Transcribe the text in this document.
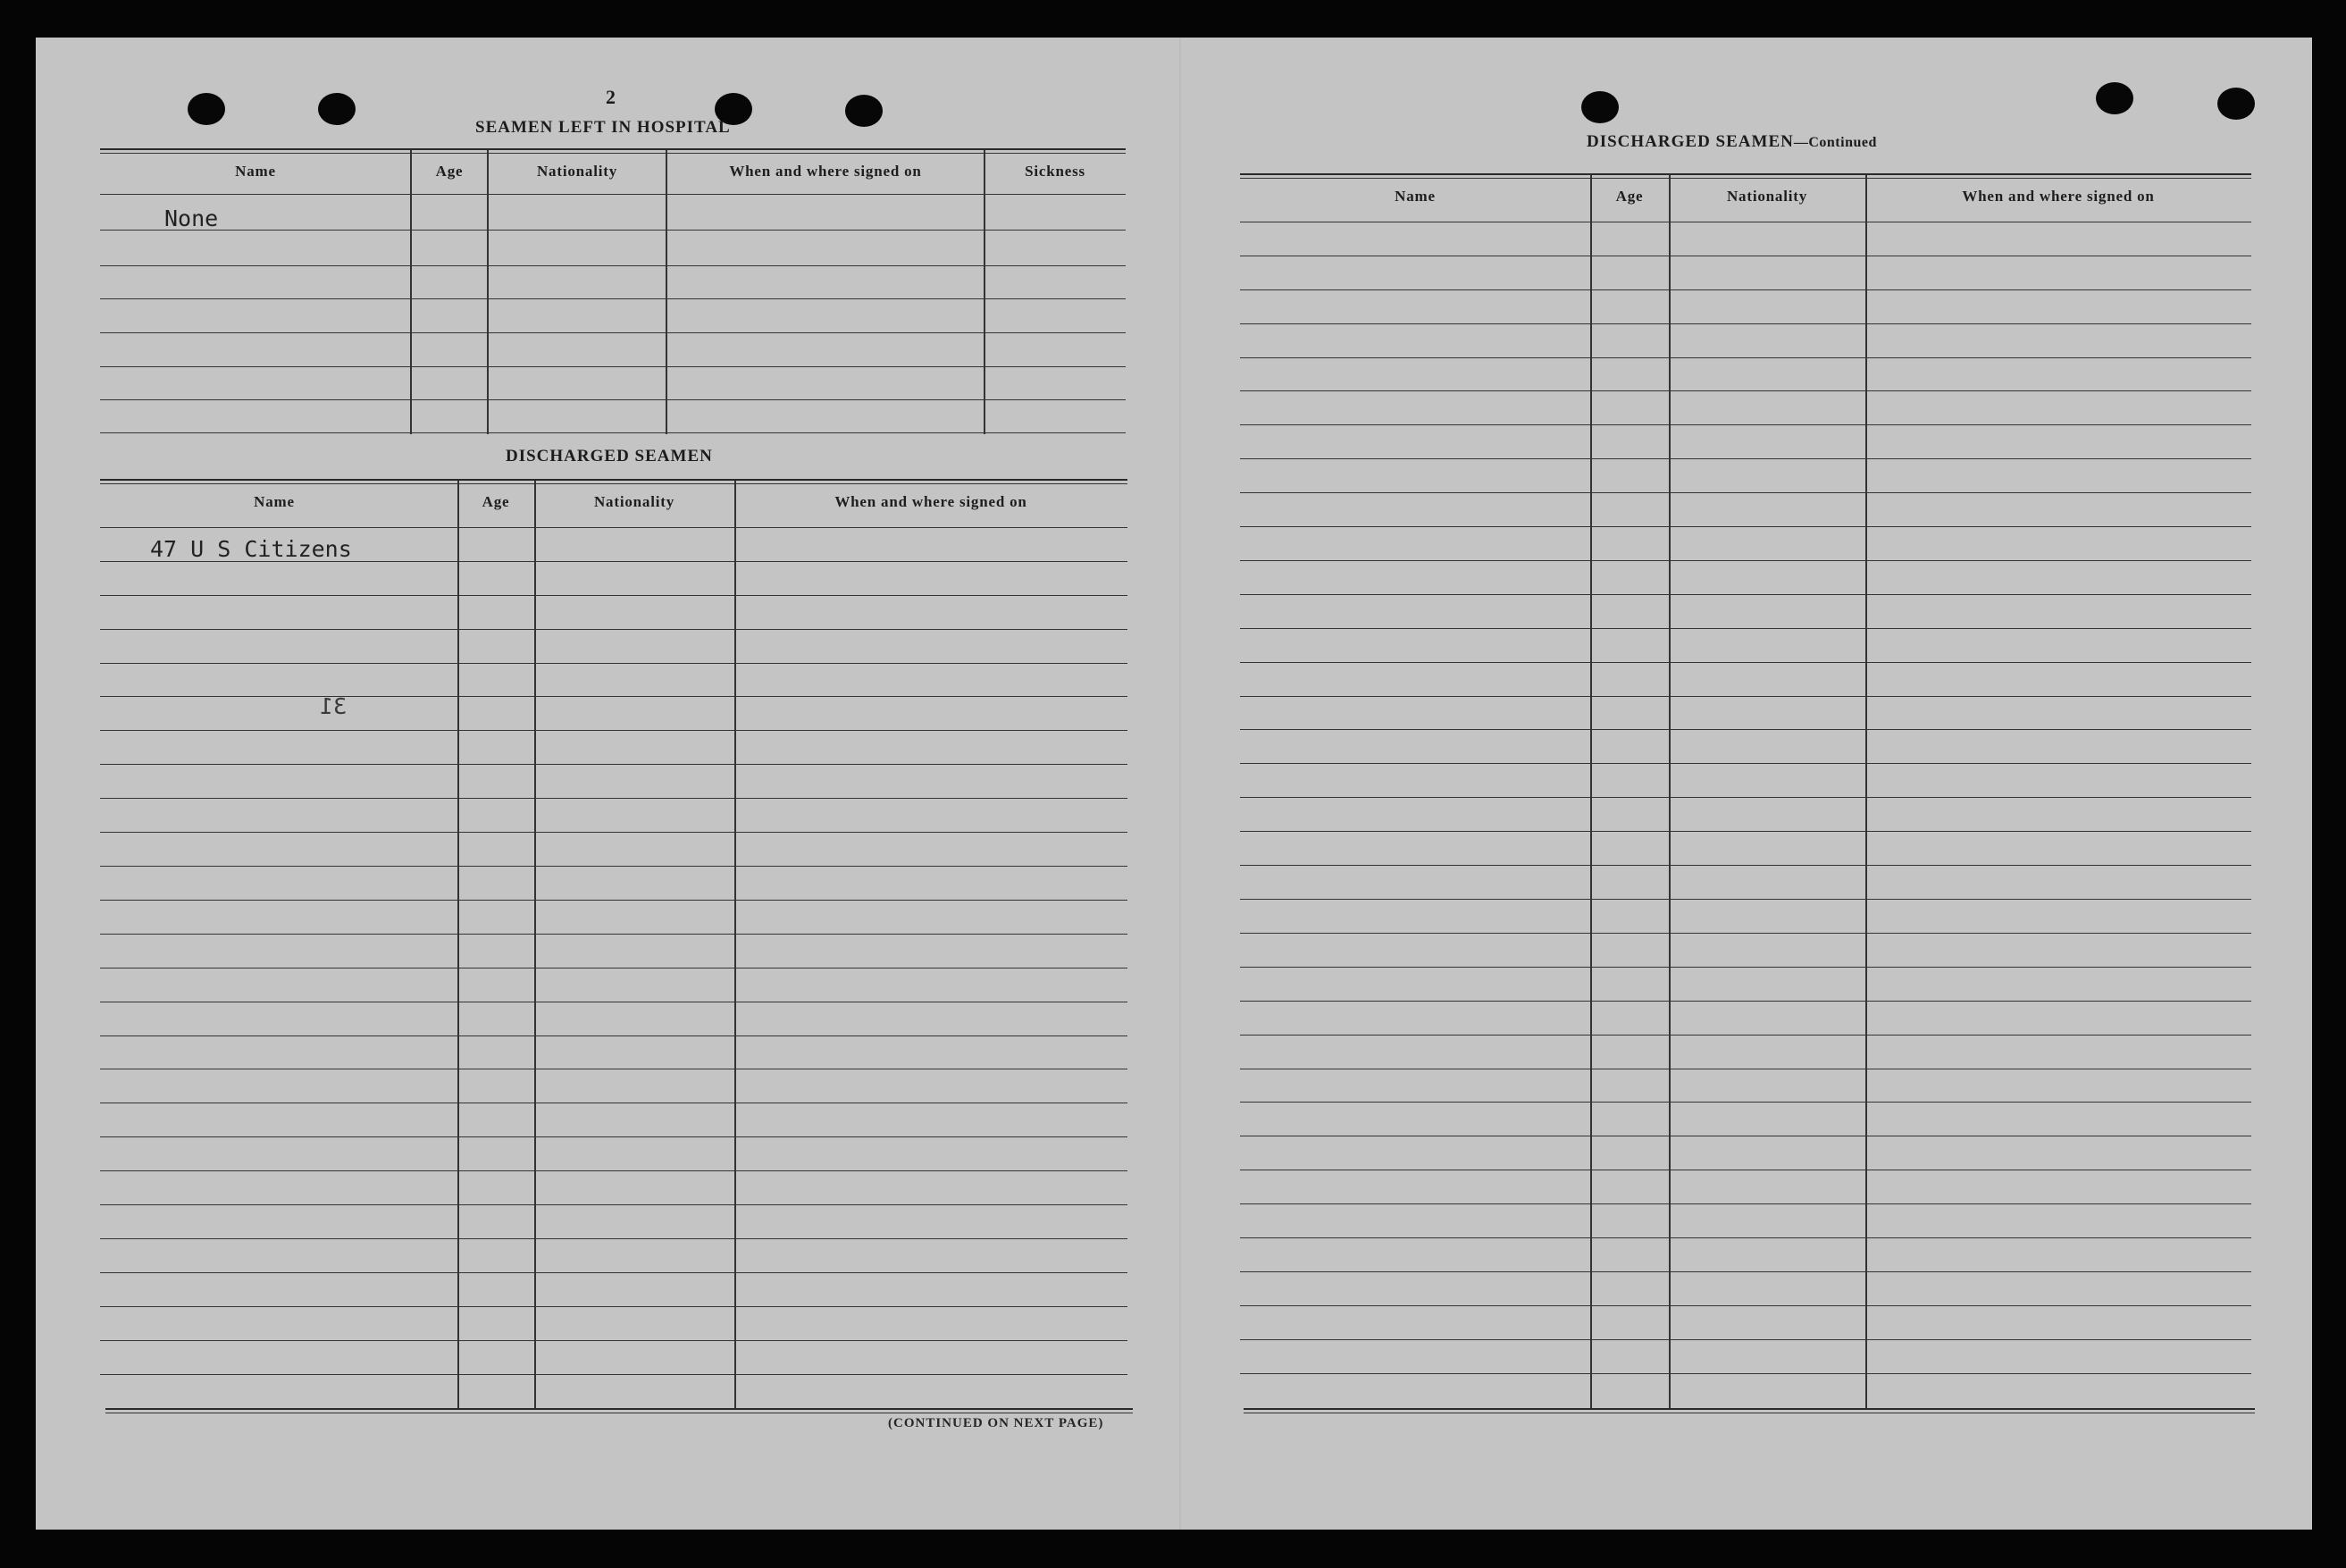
2
SEAMEN LEFT IN HOSPITAL
Name	Age	Nationality	When and where signed on	Sickness
None
DISCHARGED SEAMEN
Name	Age	Nationality	When and where signed on
47 U S Citizens
31
(CONTINUED ON NEXT PAGE)
DISCHARGED SEAMEN—Continued
Name	Age	Nationality	When and where signed on
